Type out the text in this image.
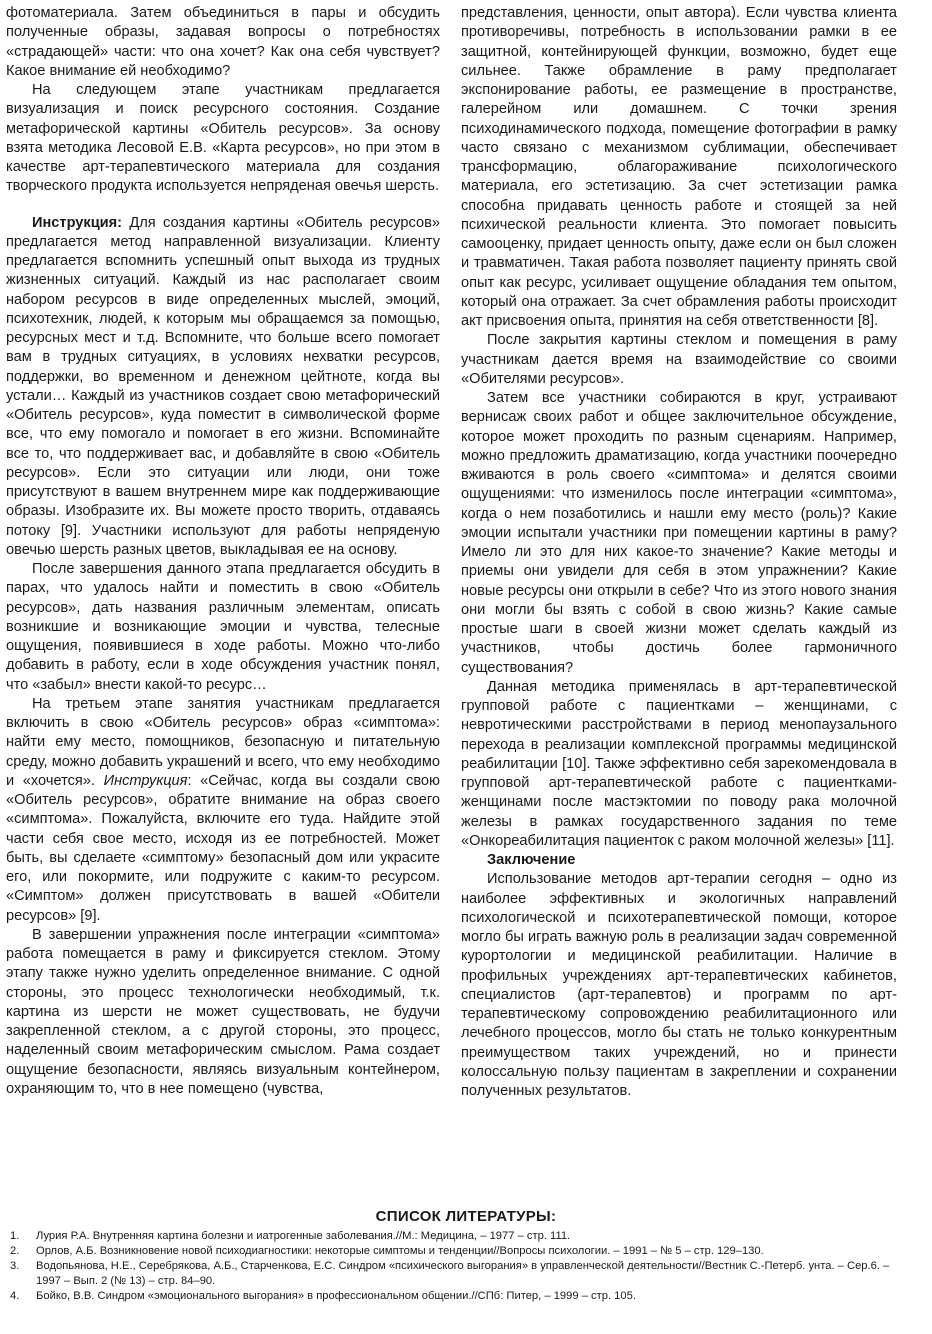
фотоматериала. Затем объединиться в пары и обсудить полученные образы, задавая вопросы о потребностях «страдающей» части: что она хочет? Как она себя чувствует? Какое внимание ей необходимо?

На следующем этапе участникам предлагается визуализация и поиск ресурсного состояния. Создание метафорической картины «Обитель ресурсов». За основу взята методика Лесовой Е.В. «Карта ресурсов», но при этом в качестве арт-терапевтического материала для создания творческого продукта используется непряденая овечья шерсть.

Инструкция: Для создания картины «Обитель ресурсов» предлагается метод направленной визуализации. Клиенту предлагается вспомнить успешный опыт выхода из трудных жизненных ситуаций. Каждый из нас располагает своим набором ресурсов в виде определенных мыслей, эмоций, психотехник, людей, к которым мы обращаемся за помощью, ресурсных мест и т.д. Вспомните, что больше всего помогает вам в трудных ситуациях, в условиях нехватки ресурсов, поддержки, во временном и денежном цейтноте, когда вы устали… Каждый из участников создает свою метафорический «Обитель ресурсов», куда поместит в символической форме все, что ему помогало и помогает в его жизни. Вспоминайте все то, что поддерживает вас, и добавляйте в свою «Обитель ресурсов». Если это ситуации или люди, они тоже присутствуют в вашем внутреннем мире как поддерживающие образы. Изобразите их. Вы можете просто творить, отдаваясь потоку [9]. Участники используют для работы непряденую овечью шерсть разных цветов, выкладывая ее на основу.

После завершения данного этапа предлагается обсудить в парах, что удалось найти и поместить в свою «Обитель ресурсов», дать названия различным элементам, описать возникшие и возникающие эмоции и чувства, телесные ощущения, появившиеся в ходе работы. Можно что-либо добавить в работу, если в ходе обсуждения участник понял, что «забыл» внести какой-то ресурс…

На третьем этапе занятия участникам предлагается включить в свою «Обитель ресурсов» образ «симптома»: найти ему место, помощников, безопасную и питательную среду, можно добавить украшений и всего, что ему необходимо и «хочется». Инструкция: «Сейчас, когда вы создали свою «Обитель ресурсов», обратите внимание на образ своего «симптома». Пожалуйста, включите его туда. Найдите этой части себя свое место, исходя из ее потребностей. Может быть, вы сделаете «симптому» безопасный дом или украсите его, или покормите, или подружите с каким-то ресурсом. «Симптом» должен присутствовать в вашей «Обители ресурсов» [9].

В завершении упражнения после интеграции «симптома» работа помещается в раму и фиксируется стеклом. Этому этапу также нужно уделить определенное внимание. С одной стороны, это процесс технологически необходимый, т.к. картина из шерсти не может существовать, не будучи закрепленной стеклом, а с другой стороны, это процесс, наделенный своим метафорическим смыслом. Рама создает ощущение безопасности, являясь визуальным контейнером, охраняющим то, что в нее помещено (чувства,

представления, ценности, опыт автора). Если чувства клиента противоречивы, потребность в использовании рамки в ее защитной, контейнирующей функции, возможно, будет еще сильнее. Также обрамление в раму предполагает экспонирование работы, ее размещение в пространстве, галерейном или домашнем. С точки зрения психодинамического подхода, помещение фотографии в рамку часто связано с механизмом сублимации, обеспечивает трансформацию, облагораживание психологического материала, его эстетизацию. За счет эстетизации рамка способна придавать ценность работе и стоящей за ней психической реальности клиента. Это помогает повысить самооценку, придает ценность опыту, даже если он был сложен и травматичен. Такая работа позволяет пациенту принять свой опыт как ресурс, усиливает ощущение обладания тем опытом, который она отражает. За счет обрамления работы происходит акт присвоения опыта, принятия на себя ответственности [8].

После закрытия картины стеклом и помещения в раму участникам дается время на взаимодействие со своими «Обителями ресурсов».

Затем все участники собираются в круг, устраивают вернисаж своих работ и общее заключительное обсуждение, которое может проходить по разным сценариям. Например, можно предложить драматизацию, когда участники поочередно вживаются в роль своего «симптома» и делятся своими ощущениями: что изменилось после интеграции «симптома», когда о нем позаботились и нашли ему место (роль)? Какие эмоции испытали участники при помещении картины в раму? Имело ли это для них какое-то значение? Какие методы и приемы они увидели для себя в этом упражнении? Какие новые ресурсы они открыли в себе? Что из этого нового знания они могли бы взять с собой в свою жизнь? Какие самые простые шаги в своей жизни может сделать каждый из участников, чтобы достичь более гармоничного существования?

Данная методика применялась в арт-терапевтической групповой работе с пациентками – женщинами, с невротическими расстройствами в период менопаузального перехода в реализации комплексной программы медицинской реабилитации [10]. Также эффективно себя зарекомендовала в групповой арт-терапевтической работе с пациентками-женщинами после мастэктомии по поводу рака молочной железы в рамках государственного задания по теме «Онкореабилитация пациенток с раком молочной железы» [11].

Заключение

Использование методов арт-терапии сегодня – одно из наиболее эффективных и экологичных направлений психологической и психотерапевтической помощи, которое могло бы играть важную роль в реализации задач современной курортологии и медицинской реабилитации. Наличие в профильных учреждениях арт-терапевтических кабинетов, специалистов (арт-терапевтов) и программ по арт-терапевтическому сопровождению реабилитационного или лечебного процессов, могло бы стать не только конкурентным преимуществом таких учреждений, но и принести колоссальную пользу пациентам в закреплении и сохранении полученных результатов.

СПИСОК ЛИТЕРАТУРЫ:
1. Лурия Р.А. Внутренняя картина болезни и иатрогенные заболевания.//М.: Медицина, – 1977 – стр. 111.
2. Орлов, А.Б. Возникновение новой психодиагностики: некоторые симптомы и тенденции//Вопросы психологии. – 1991 – № 5 – стр. 129–130.
3. Водопьянова, Н.Е., Серебрякова, А.Б., Старченкова, Е.С. Синдром «психического выгорания» в управленческой деятельности//Вестник С.-Петерб. унта. – Сер.6. – 1997 – Вып. 2 (№ 13) – стр. 84–90.
4. Бойко, В.В. Синдром «эмоционального выгорания» в профессиональном общении.//СПб: Питер, – 1999 – стр. 105.
